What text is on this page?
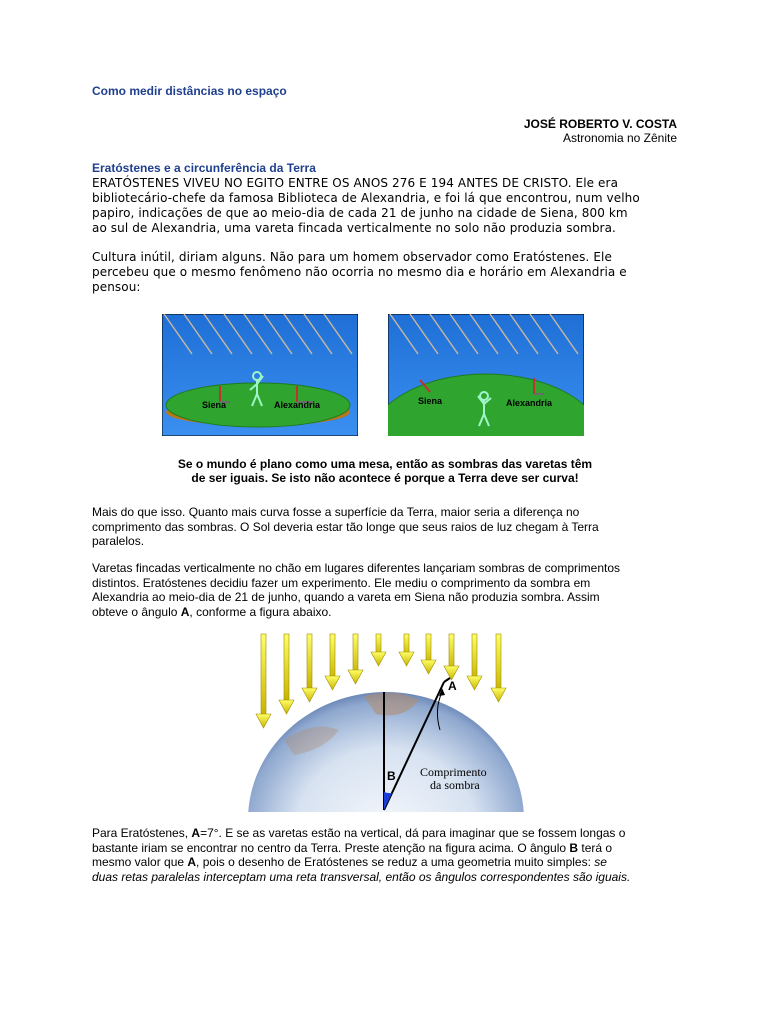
Como medir distâncias no espaço
JOSÉ ROBERTO V. COSTA
Astronomia no Zênite
Eratóstenes e a circunferência da Terra
ERATÓSTENES VIVEU NO EGITO ENTRE OS ANOS 276 E 194 ANTES DE CRISTO. Ele era
bibliotecário-chefe da famosa Biblioteca de Alexandria, e foi lá que encontrou, num velho
papiro, indicações de que ao meio-dia de cada 21 de junho na cidade de Siena, 800 km
ao sul de Alexandria, uma vareta fincada verticalmente no solo não produzia sombra.
Cultura inútil, diriam alguns. Não para um homem observador como Eratóstenes. Ele
percebeu que o mesmo fenômeno não ocorria no mesmo dia e horário em Alexandria e
pensou:
Siena	Alexandria	Siena	Alexandria
Se o mundo é plano como uma mesa, então as sombras das varetas têm
de ser iguais. Se isto não acontece é porque a Terra deve ser curva!
Mais do que isso. Quanto mais curva fosse a superfície da Terra, maior seria a diferença no
comprimento das sombras. O Sol deveria estar tão longe que seus raios de luz chegam à Terra
paralelos.
Varetas fincadas verticalmente no chão em lugares diferentes lançariam sombras de comprimentos
distintos. Eratóstenes decidiu fazer um experimento. Ele mediu o comprimento da sombra em
Alexandria ao meio-dia de 21 de junho, quando a vareta em Siena não produzia sombra. Assim
obteve o ângulo A, conforme a figura abaixo.
A
B Comprimento
da sombra
Para Eratóstenes, A=7°. E se as varetas estão na vertical, dá para imaginar que se fossem longas o
bastante iriam se encontrar no centro da Terra. Preste atenção na figura acima. O ângulo B terá o
mesmo valor que A, pois o desenho de Eratóstenes se reduz a uma geometria muito simples: se
duas retas paralelas interceptam uma reta transversal, então os ângulos correspondentes são iguais.
